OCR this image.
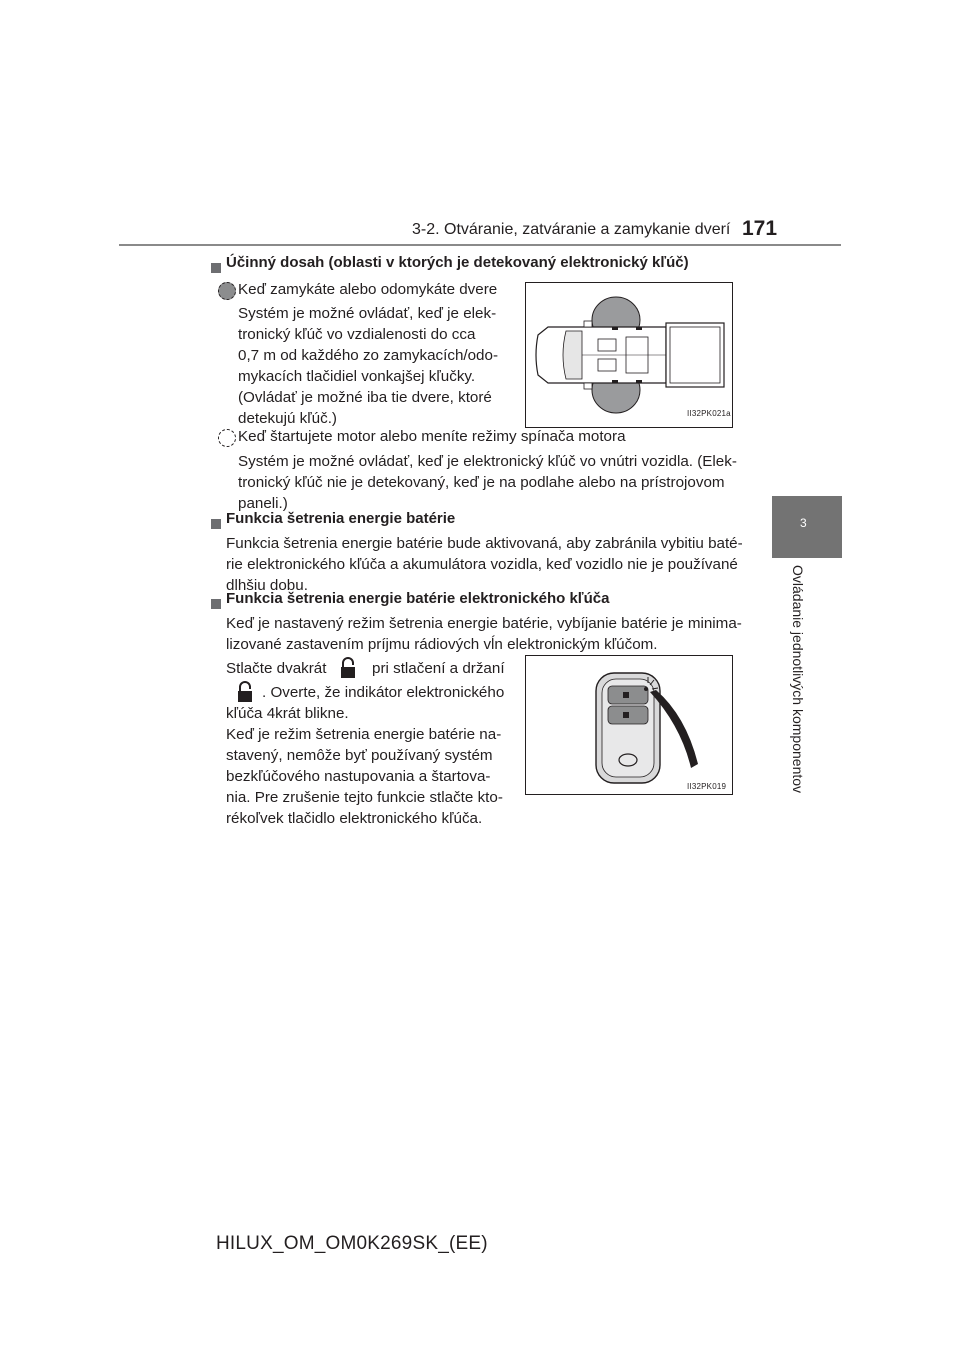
3-2. Otváranie, zatváranie a zamykanie dverí 171
3
Ovládanie jednotlivých komponentov
Účinný dosah (oblasti v ktorých je detekovaný elektronický kľúč)
Keď zamykáte alebo odomykáte dvere
Systém je možné ovládať, keď je elek-
tronický kľúč vo vzdialenosti do cca
0,7 m od každého zo zamykacích/odo-
mykacích tlačidiel vonkajšej kľučky.
(Ovládať je možné iba tie dvere, ktoré
detekujú kľúč.)	II32PK021a
Keď štartujete motor alebo meníte režimy spínača motora
Systém je možné ovládať, keď je elektronický kľúč vo vnútri vozidla. (Elek-
tronický kľúč nie je detekovaný, keď je na podlahe alebo na prístrojovom
paneli.)
Funkcia šetrenia energie batérie
Funkcia šetrenia energie batérie bude aktivovaná, aby zabránila vybitiu baté-
rie elektronického kľúča a akumulátora vozidla, keď vozidlo nie je používané
dlhšiu dobu.
Funkcia šetrenia energie batérie elektronického kľúča
Keď je nastavený režim šetrenia energie batérie, vybíjanie batérie je minima-
lizované zastavením príjmu rádiových vĺn elektronickým kľúčom.
Stlačte dvakrát	pri stlačení a držaní
. Overte, že indikátor elektronického
kľúča 4krát blikne.
Keď je režim šetrenia energie batérie na-
stavený, nemôže byť používaný systém
bezkľúčového nastupovania a štartova-
nia. Pre zrušenie tejto funkcie stlačte kto-
rékoľvek tlačidlo elektronického kľúča.
II32PK019
HILUX_OM_OM0K269SK_(EE)
